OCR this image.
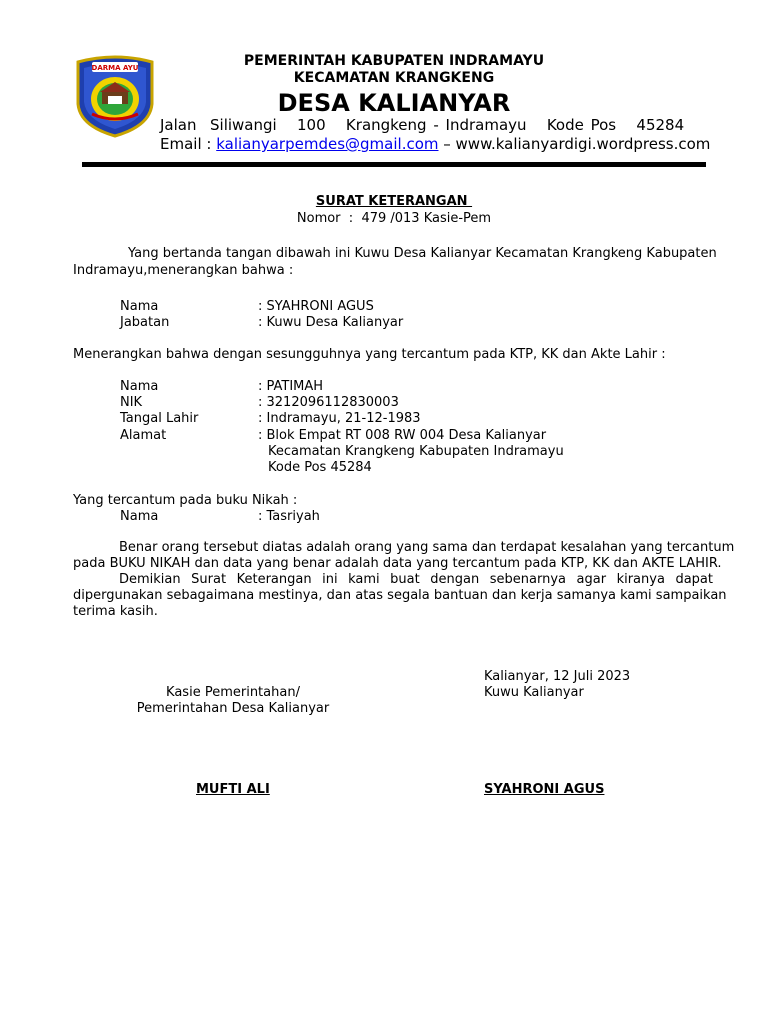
DARMA AYU	PEMERINTAH KABUPATEN INDRAMAYU
KECAMATAN KRANGKENG
DESA KALIANYAR
Jalan  Siliwangi   100   Krangkeng - Indramayu   Kode Pos   45284
Email : kalianyarpemdes@gmail.com – www.kalianyardigi.wordpress.com
SURAT KETERANGAN
Nomor  :  479 /013 Kasie-Pem
Yang bertanda tangan dibawah ini Kuwu Desa Kalianyar Kecamatan Krangkeng Kabupaten
Indramayu,menerangkan bahwa :
Nama	: SYAHRONI AGUS
Jabatan	: Kuwu Desa Kalianyar
Menerangkan bahwa dengan sesungguhnya yang tercantum pada KTP, KK dan Akte Lahir :
Nama	: PATIMAH
NIK	: 3212096112830003
Tangal Lahir	: Indramayu, 21-12-1983
Alamat	: Blok Empat RT 008 RW 004 Desa Kalianyar
Kecamatan Krangkeng Kabupaten Indramayu
Kode Pos 45284
Yang tercantum pada buku Nikah :
Nama	: Tasriyah
Benar orang tersebut diatas adalah orang yang sama dan terdapat kesalahan yang tercantum
pada BUKU NIKAH dan data yang benar adalah data yang tercantum pada KTP, KK dan AKTE LAHIR.
Demikian Surat Keterangan ini kami buat dengan sebenarnya agar kiranya dapat
dipergunakan sebagaimana mestinya, dan atas segala bantuan dan kerja samanya kami sampaikan
terima kasih.
Kalianyar, 12 Juli 2023
Kuwu Kalianyar
Kasie Pemerintahan/
Pemerintahan Desa Kalianyar
MUFTI ALI	SYAHRONI AGUS
